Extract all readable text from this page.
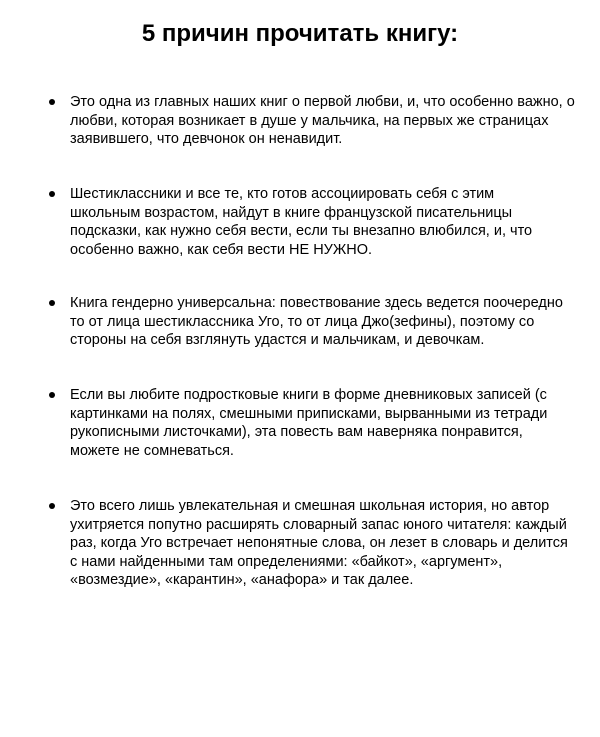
5 причин прочитать книгу:
Это одна из главных наших книг о первой любви, и, что особенно важно, о
любви, которая возникает в душе у мальчика, на первых же страницах
заявившего, что девчонок он ненавидит.
Шестиклассники и все те, кто готов ассоциировать себя с этим
школьным возрастом, найдут в книге французской писательницы
подсказки, как нужно себя вести, если ты внезапно влюбился, и, что
особенно важно, как себя вести НЕ НУЖНО.
Книга гендерно универсальна: повествование здесь ведется поочередно
то от лица шестиклассника Уго, то от лица Джо(зефины), поэтому со
стороны на себя взглянуть удастся и мальчикам, и девочкам.
Если вы любите подростковые книги в форме дневниковых записей (с
картинками на полях, смешными приписками, вырванными из тетради
рукописными листочками), эта повесть вам наверняка понравится,
можете не сомневаться.
Это всего лишь увлекательная и смешная школьная история, но автор
ухитряется попутно расширять словарный запас юного читателя: каждый
раз, когда Уго встречает непонятные слова, он лезет в словарь и делится
с нами найденными там определениями: «байкот», «аргумент»,
«возмездие», «карантин», «анафора» и так далее.
